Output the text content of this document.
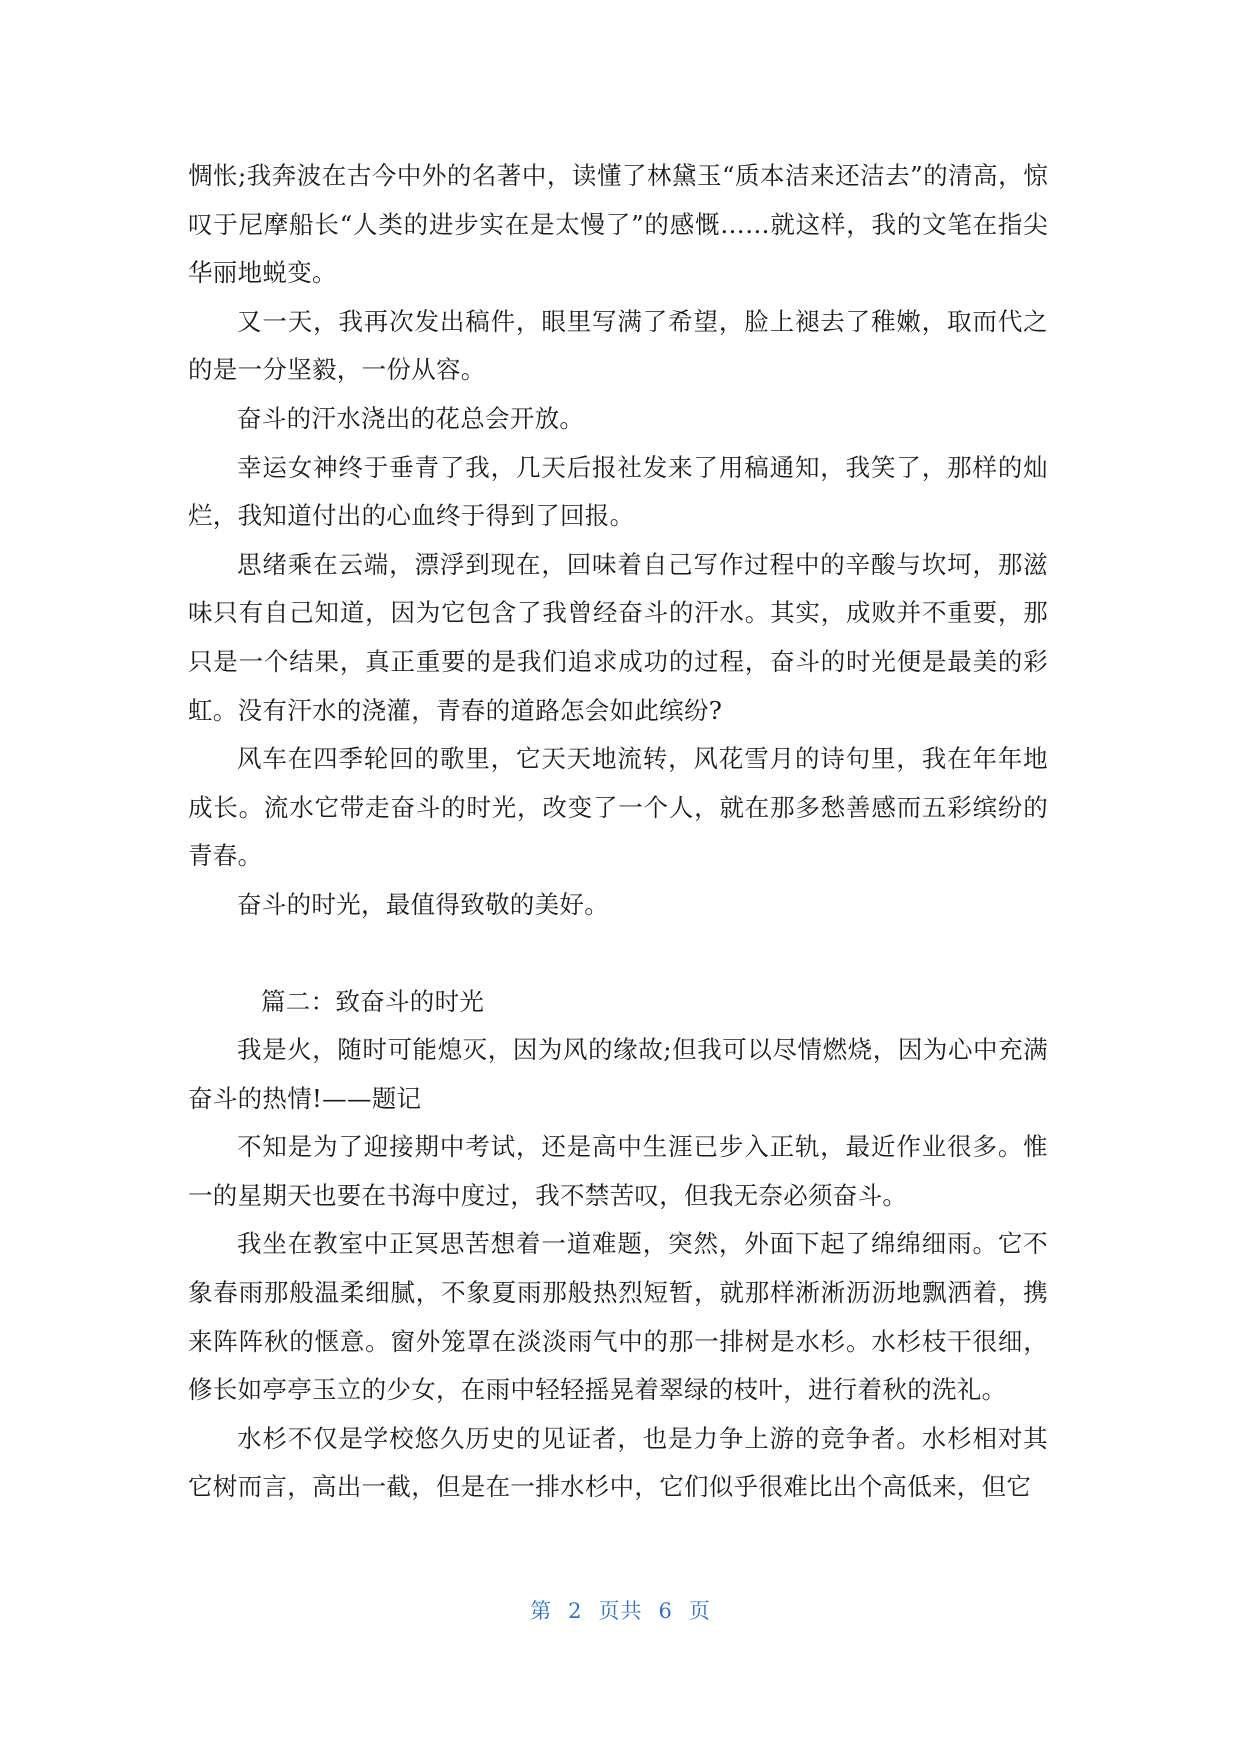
惆怅;我奔波在古今中外的名著中，读懂了林黛玉“质本洁来还洁去”的清高，惊叹于尼摩船长“人类的进步实在是太慢了”的感慨……就这样，我的文笔在指尖华丽地蜕变。

又一天，我再次发出稿件，眼里写满了希望，脸上褪去了稚嫩，取而代之的是一分坚毅，一份从容。

奋斗的汗水浇出的花总会开放。

幸运女神终于垂青了我，几天后报社发来了用稿通知，我笑了，那样的灿烂，我知道付出的心血终于得到了回报。

思绪乘在云端，漂浮到现在，回味着自己写作过程中的辛酸与坎坷，那滋味只有自己知道，因为它包含了我曾经奋斗的汗水。其实，成败并不重要，那只是一个结果，真正重要的是我们追求成功的过程，奋斗的时光便是最美的彩虹。没有汗水的浇灌，青春的道路怎会如此缤纷?

风车在四季轮回的歌里，它天天地流转，风花雪月的诗句里，我在年年地成长。流水它带走奋斗的时光，改变了一个人，就在那多愁善感而五彩缤纷的青春。

奋斗的时光，最值得致敬的美好。

篇二：致奋斗的时光

我是火，随时可能熄灭，因为风的缘故;但我可以尽情燃烧，因为心中充满奋斗的热情!——题记

不知是为了迎接期中考试，还是高中生涯已步入正轨，最近作业很多。惟一的星期天也要在书海中度过，我不禁苦叹，但我无奈必须奋斗。

我坐在教室中正冥思苦想着一道难题，突然，外面下起了绵绵细雨。它不象春雨那般温柔细腻，不象夏雨那般热烈短暂，就那样淅淅沥沥地飘洒着，携来阵阵秋的惬意。窗外笼罩在淡淡雨气中的那一排树是水杉。水杉枝干很细，修长如亭亭玉立的少女，在雨中轻轻摇晃着翠绿的枝叶，进行着秋的洗礼。

水杉不仅是学校悠久历史的见证者，也是力争上游的竞争者。水杉相对其它树而言，高出一截，但是在一排水杉中，它们似乎很难比出个高低来，但它

第 2 页共 6 页
